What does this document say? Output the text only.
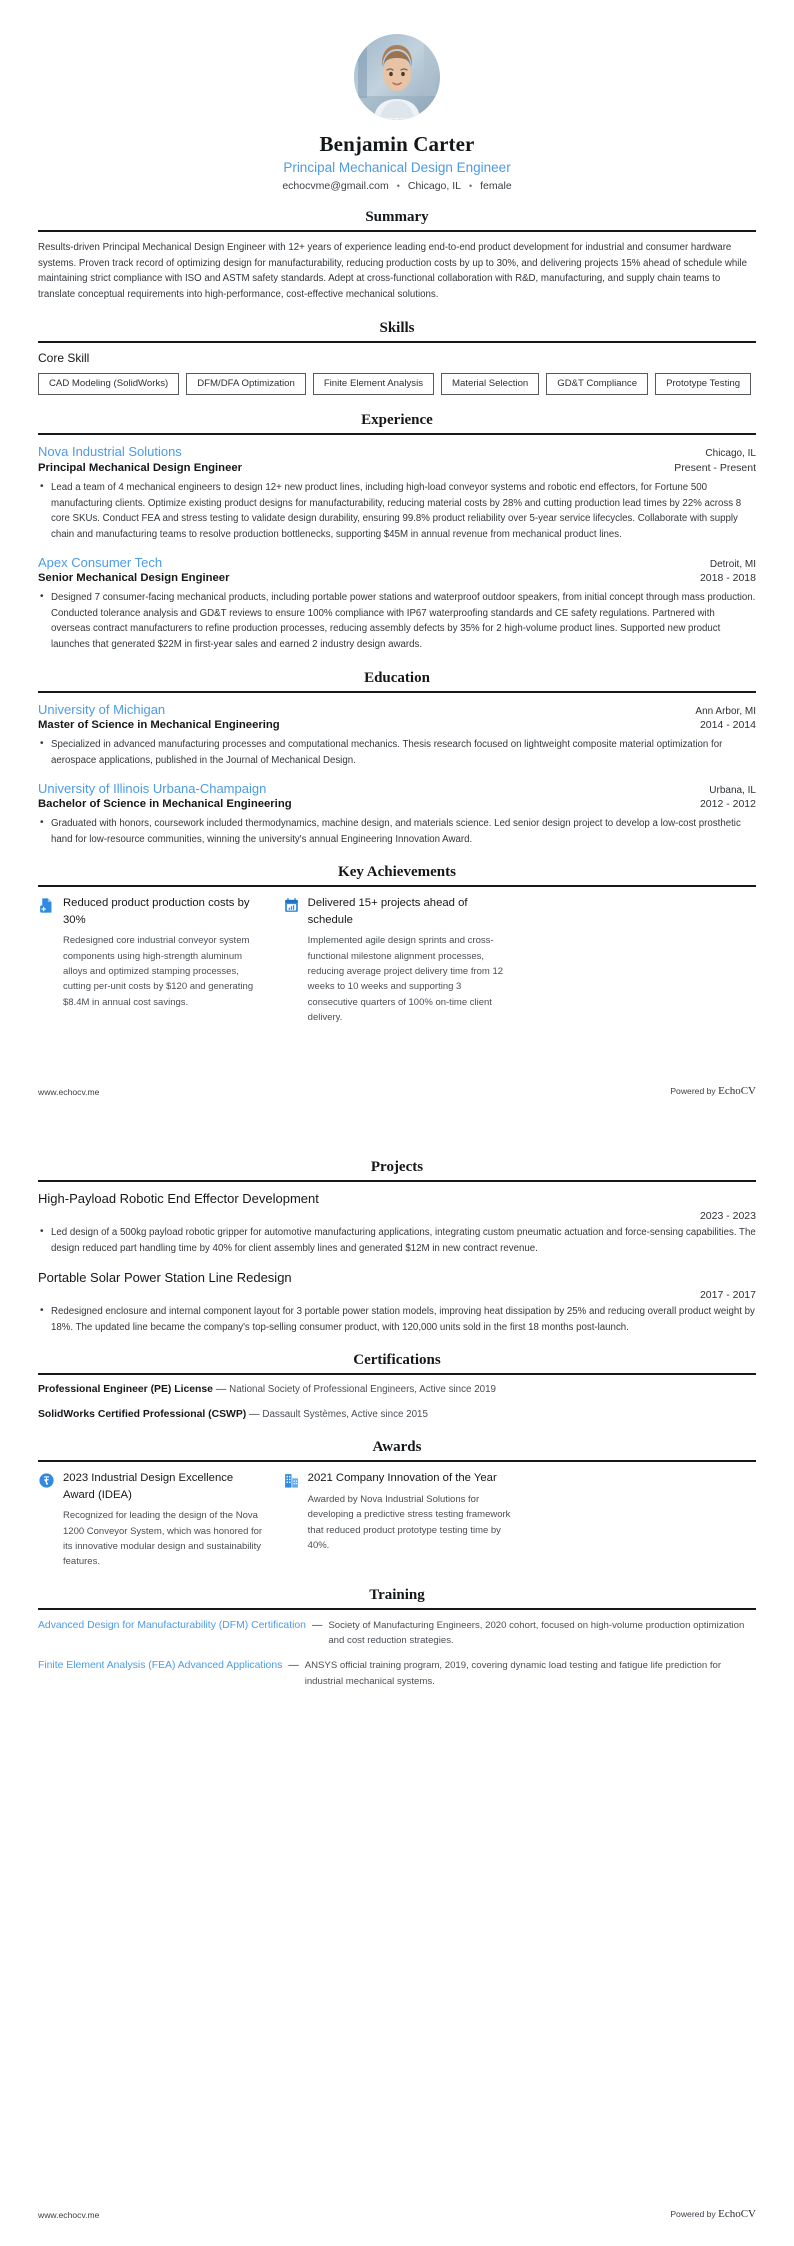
Benjamin Carter
Principal Mechanical Design Engineer
echocvme@gmail.com • Chicago, IL • female
Summary
Results-driven Principal Mechanical Design Engineer with 12+ years of experience leading end-to-end product development for industrial and consumer hardware systems. Proven track record of optimizing design for manufacturability, reducing production costs by up to 30%, and delivering projects 15% ahead of schedule while maintaining strict compliance with ISO and ASTM safety standards. Adept at cross-functional collaboration with R&D, manufacturing, and supply chain teams to translate conceptual requirements into high-performance, cost-effective mechanical solutions.
Skills
Core Skill
CAD Modeling (SolidWorks)	DFM/DFA Optimization	Finite Element Analysis	Material Selection	GD&T Compliance	Prototype Testing
Experience
Nova Industrial Solutions	Chicago, IL
Principal Mechanical Design Engineer	Present - Present
• Lead a team of 4 mechanical engineers to design 12+ new product lines, including high-load conveyor systems and robotic end effectors, for Fortune 500 manufacturing clients. Optimize existing product designs for manufacturability, reducing material costs by 28% and cutting production lead times by 22% across 8 core SKUs. Conduct FEA and stress testing to validate design durability, ensuring 99.8% product reliability over 5-year service lifecycles. Collaborate with supply chain and manufacturing teams to resolve production bottlenecks, supporting $45M in annual revenue from mechanical product lines.
Apex Consumer Tech	Detroit, MI
Senior Mechanical Design Engineer	2018 - 2018
• Designed 7 consumer-facing mechanical products, including portable power stations and waterproof outdoor speakers, from initial concept through mass production. Conducted tolerance analysis and GD&T reviews to ensure 100% compliance with IP67 waterproofing standards and CE safety regulations. Partnered with overseas contract manufacturers to refine production processes, reducing assembly defects by 35% for 2 high-volume product lines. Supported new product launches that generated $22M in first-year sales and earned 2 industry design awards.
Education
University of Michigan	Ann Arbor, MI
Master of Science in Mechanical Engineering	2014 - 2014
• Specialized in advanced manufacturing processes and computational mechanics. Thesis research focused on lightweight composite material optimization for aerospace applications, published in the Journal of Mechanical Design.
University of Illinois Urbana-Champaign	Urbana, IL
Bachelor of Science in Mechanical Engineering	2012 - 2012
• Graduated with honors, coursework included thermodynamics, machine design, and materials science. Led senior design project to develop a low-cost prosthetic hand for low-resource communities, winning the university's annual Engineering Innovation Award.
Key Achievements
Reduced product production costs by 30%
Redesigned core industrial conveyor system components using high-strength aluminum alloys and optimized stamping processes, cutting per-unit costs by $120 and generating $8.4M in annual cost savings.
Delivered 15+ projects ahead of schedule
Implemented agile design sprints and cross-functional milestone alignment processes, reducing average project delivery time from 12 weeks to 10 weeks and supporting 3 consecutive quarters of 100% on-time client delivery.
www.echocv.me	Powered by EchoCV
Projects
High-Payload Robotic End Effector Development
2023 - 2023
• Led design of a 500kg payload robotic gripper for automotive manufacturing applications, integrating custom pneumatic actuation and force-sensing capabilities. The design reduced part handling time by 40% for client assembly lines and generated $12M in new contract revenue.
Portable Solar Power Station Line Redesign
2017 - 2017
• Redesigned enclosure and internal component layout for 3 portable power station models, improving heat dissipation by 25% and reducing overall product weight by 18%. The updated line became the company's top-selling consumer product, with 120,000 units sold in the first 18 months post-launch.
Certifications
Professional Engineer (PE) License — National Society of Professional Engineers, Active since 2019
SolidWorks Certified Professional (CSWP) — Dassault Systèmes, Active since 2015
Awards
2023 Industrial Design Excellence Award (IDEA)
Recognized for leading the design of the Nova 1200 Conveyor System, which was honored for its innovative modular design and sustainability features.
2021 Company Innovation of the Year
Awarded by Nova Industrial Solutions for developing a predictive stress testing framework that reduced product prototype testing time by 40%.
Training
Advanced Design for Manufacturability (DFM) Certification — Society of Manufacturing Engineers, 2020 cohort, focused on high-volume production optimization and cost reduction strategies.
Finite Element Analysis (FEA) Advanced Applications — ANSYS official training program, 2019, covering dynamic load testing and fatigue life prediction for industrial mechanical systems.
www.echocv.me	Powered by EchoCV
